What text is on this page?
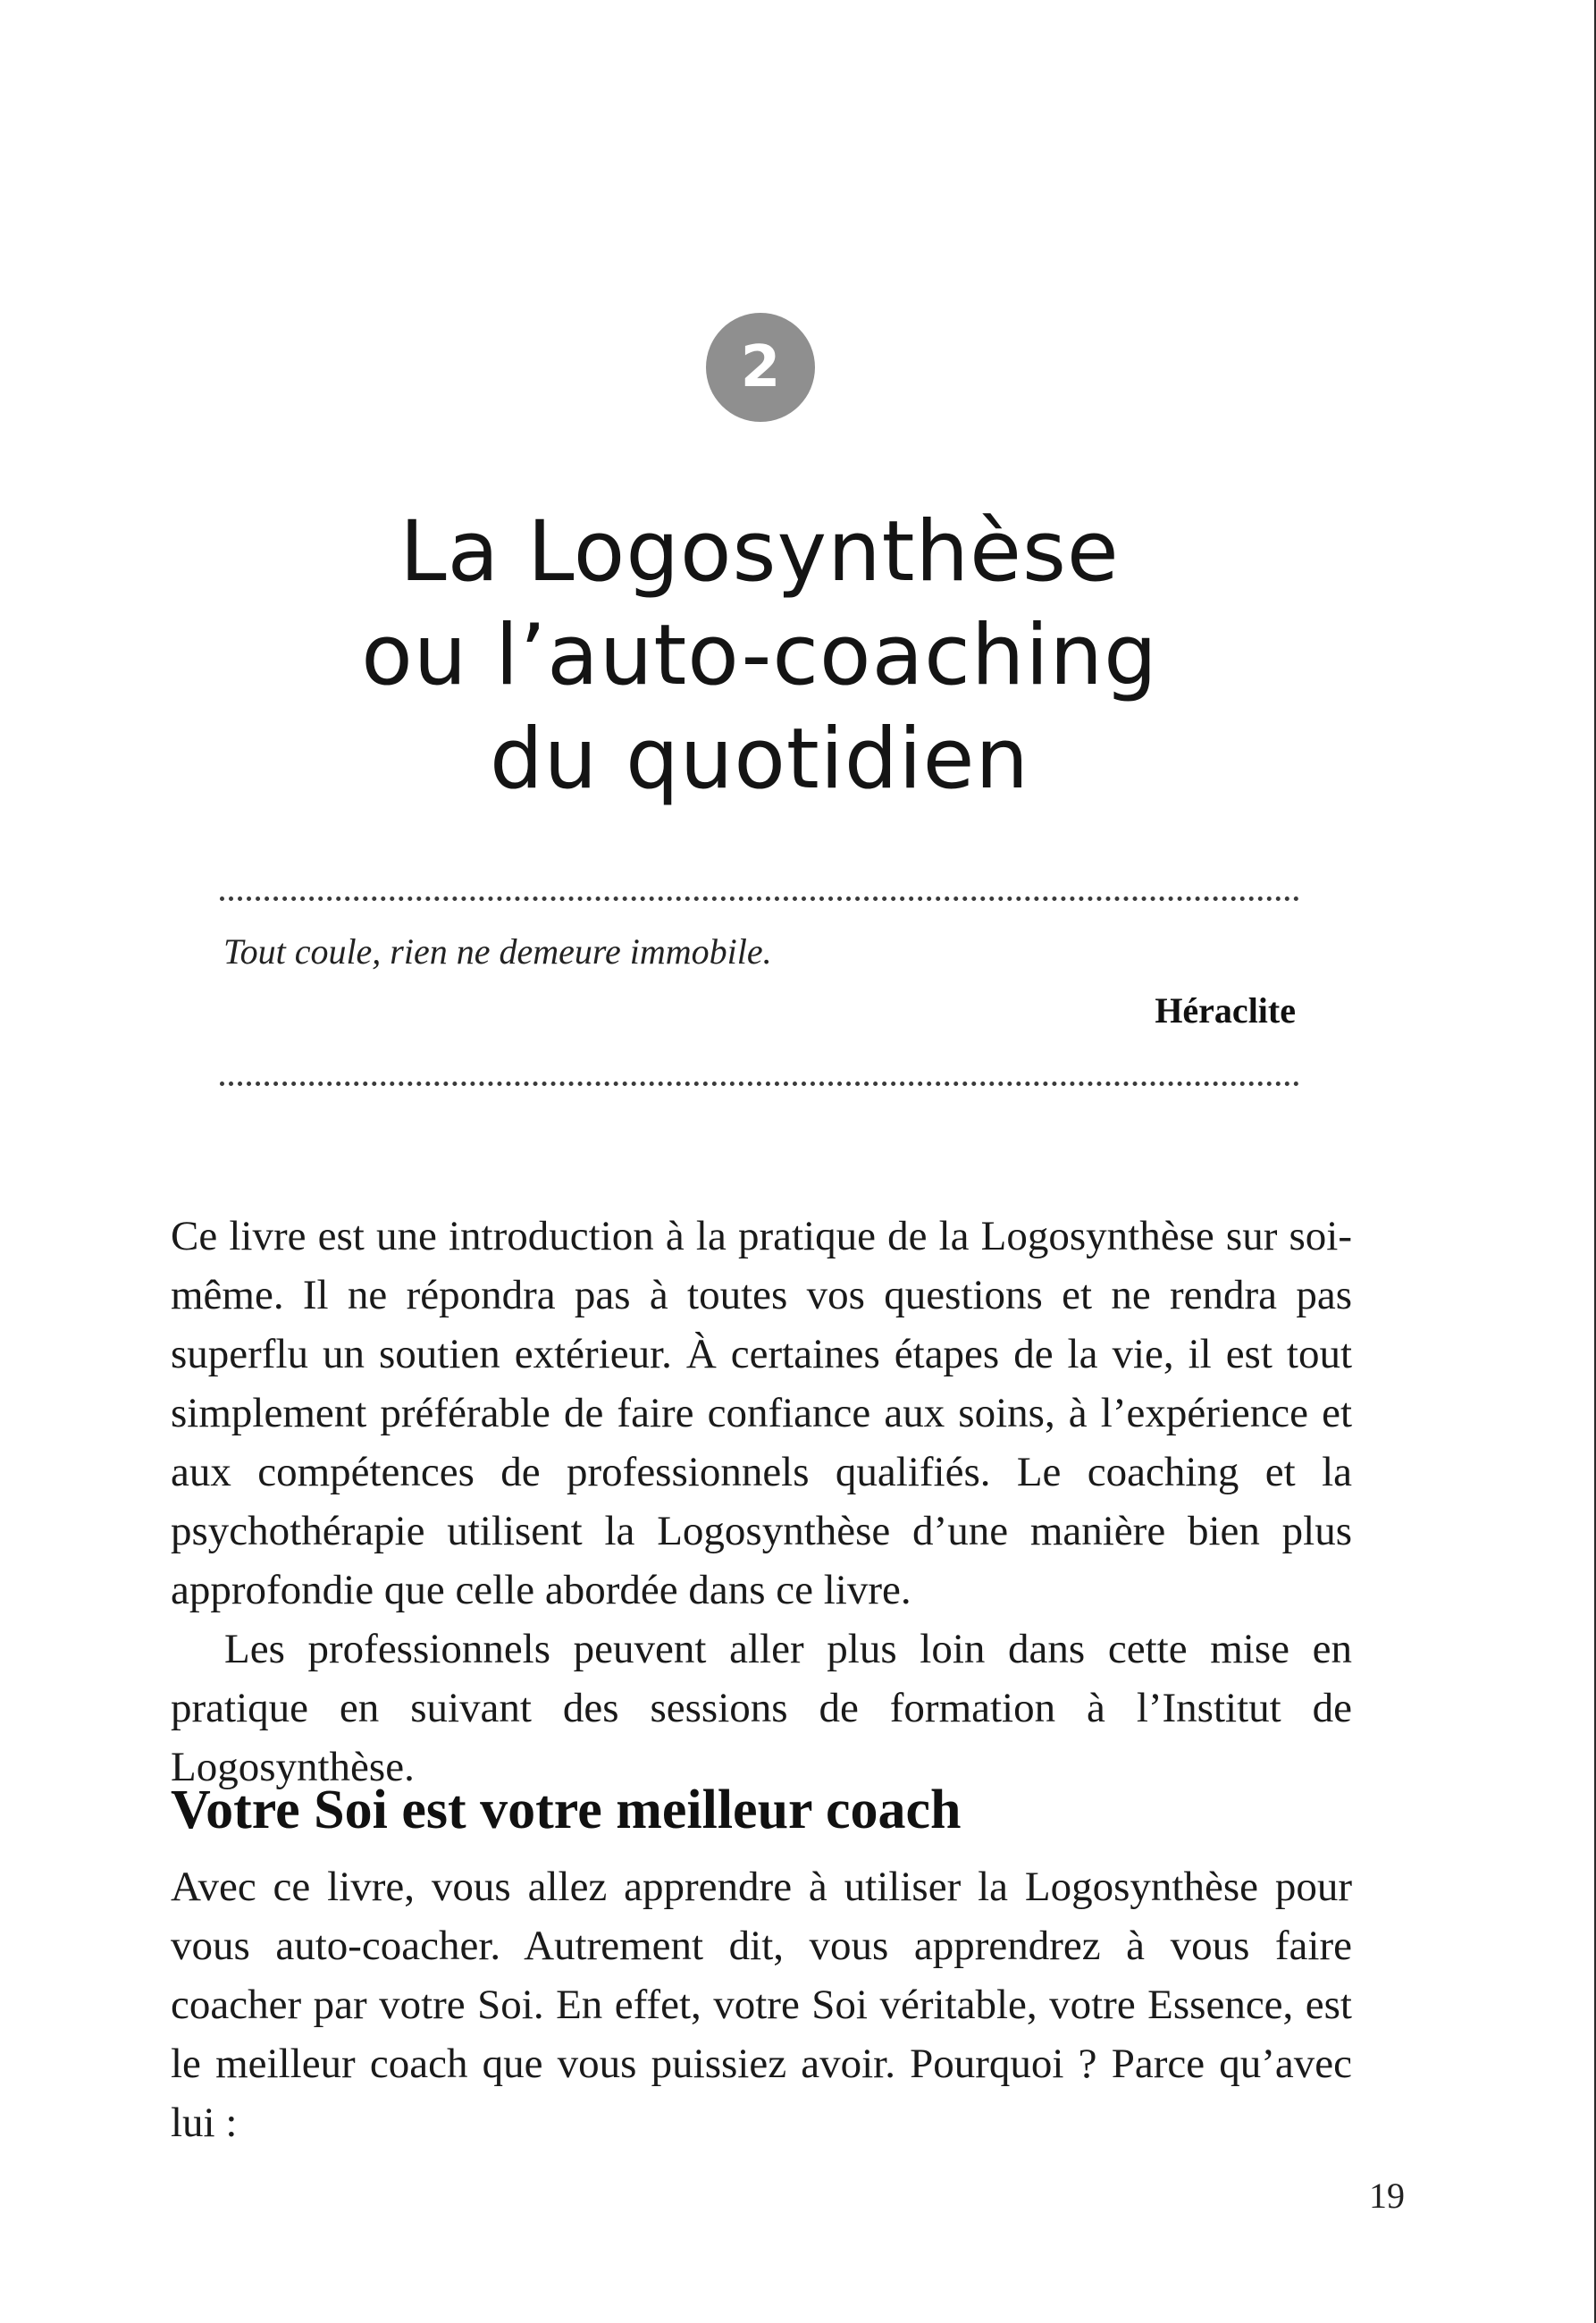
2
La Logosynthèse
ou l’auto-coaching
du quotidien
Tout coule, rien ne demeure immobile.
Héraclite

Ce livre est une introduction à la pratique de la Logosynthèse sur soi-même. Il ne répondra pas à toutes vos questions et ne rendra pas superflu un soutien extérieur. À certaines étapes de la vie, il est tout simplement préférable de faire confiance aux soins, à l’expérience et aux compétences de professionnels qualifiés. Le coaching et la psychothérapie utilisent la Logosynthèse d’une manière bien plus approfondie que celle abordée dans ce livre.

Les professionnels peuvent aller plus loin dans cette mise en pratique en suivant des sessions de formation à l’Institut de Logosynthèse.

Votre Soi est votre meilleur coach

Avec ce livre, vous allez apprendre à utiliser la Logosynthèse pour vous auto-coacher. Autrement dit, vous apprendrez à vous faire coacher par votre Soi. En effet, votre Soi véritable, votre Essence, est le meilleur coach que vous puissiez avoir. Pourquoi ? Parce qu’avec lui :

19
